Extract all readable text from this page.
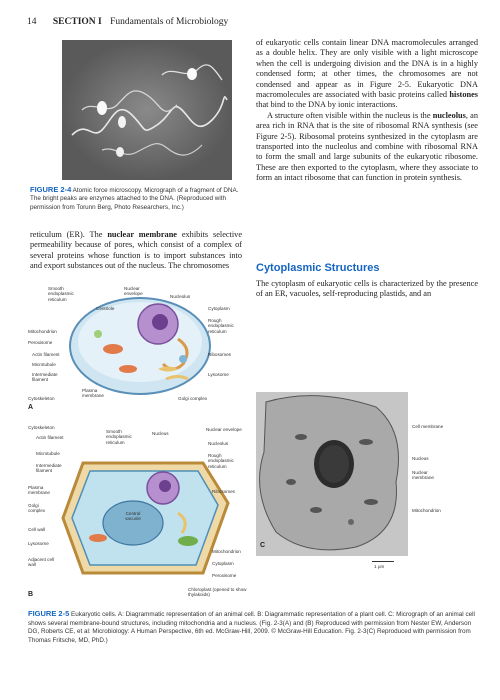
14 SECTION I Fundamentals of Microbiology
FIGURE 2-4 Atomic force microscopy. Micrograph of a fragment of DNA. The bright peaks are enzymes attached to the DNA. (Reproduced with permission from Torunn Berg, Photo Researchers, Inc.)

reticulum (ER). The nuclear membrane exhibits selective permeability because of pores, which consist of a complex of several proteins whose function is to import substances into and export substances out of the nucleus. The chromosomes

of eukaryotic cells contain linear DNA macromolecules arranged as a double helix. They are only visible with a light microscope when the cell is undergoing division and the DNA is in a highly condensed form; at other times, the chromosomes are not condensed and appear as in Figure 2-5. Eukaryotic DNA macromolecules are associated with basic proteins called histones that bind to the DNA by ionic interactions.

A structure often visible within the nucleus is the nucleolus, an area rich in RNA that is the site of ribosomal RNA synthesis (see Figure 2-5). Ribosomal proteins synthesized in the cytoplasm are transported into the nucleolus and combine with ribosomal RNA to form the small and large subunits of the eukaryotic ribosome. These are then exported to the cytoplasm, where they associate to form an intact ribosome that can function in protein synthesis.

Cytoplasmic Structures

The cytoplasm of eukaryotic cells is characterized by the presence of an ER, vacuoles, self-reproducing plastids, and an

Smooth endoplasmic reticulum
Nuclear envelope
Nucleolus
Centriole	Cytoplasm
Rough endoplasmic reticulum
Mitochondrion
Peroxisome
Actin filament
Microtubule
Intermediate filament
Ribosomes
Lysosome
Plasma membrane
Cytoskeleton	Golgi complex
A
Cytoskeleton
Actin filament
Microtubule
Intermediate filament
Plasma membrane
Golgi complex
Cell wall
Lysosome
Adjacent cell wall
Smooth endoplasmic reticulum
Nucleus
Nuclear envelope
Nucleolus
Rough endoplasmic reticulum
Ribosomes
Central vacuole
Mitochondrion
Cytoplasm
Peroxisome
Chloroplast (opened to show thylakoids)
B
C
Cell membrane
Nucleus
Nuclear membrane
Mitochondrion
1 μm
FIGURE 2-5 Eukaryotic cells. A: Diagrammatic representation of an animal cell. B: Diagrammatic representation of a plant cell. C: Micrograph of an animal cell shows several membrane-bound structures, including mitochondria and a nucleus. (Fig. 2-3(A) and (B) Reproduced with permission from Nester EW, Anderson DG, Roberts CE, et al: Microbiology: A Human Perspective, 6th ed. McGraw-Hill, 2009. © McGraw-Hill Education. Fig. 2-3(C) Reproduced with permission from Thomas Fritsche, MD, PhD.)
